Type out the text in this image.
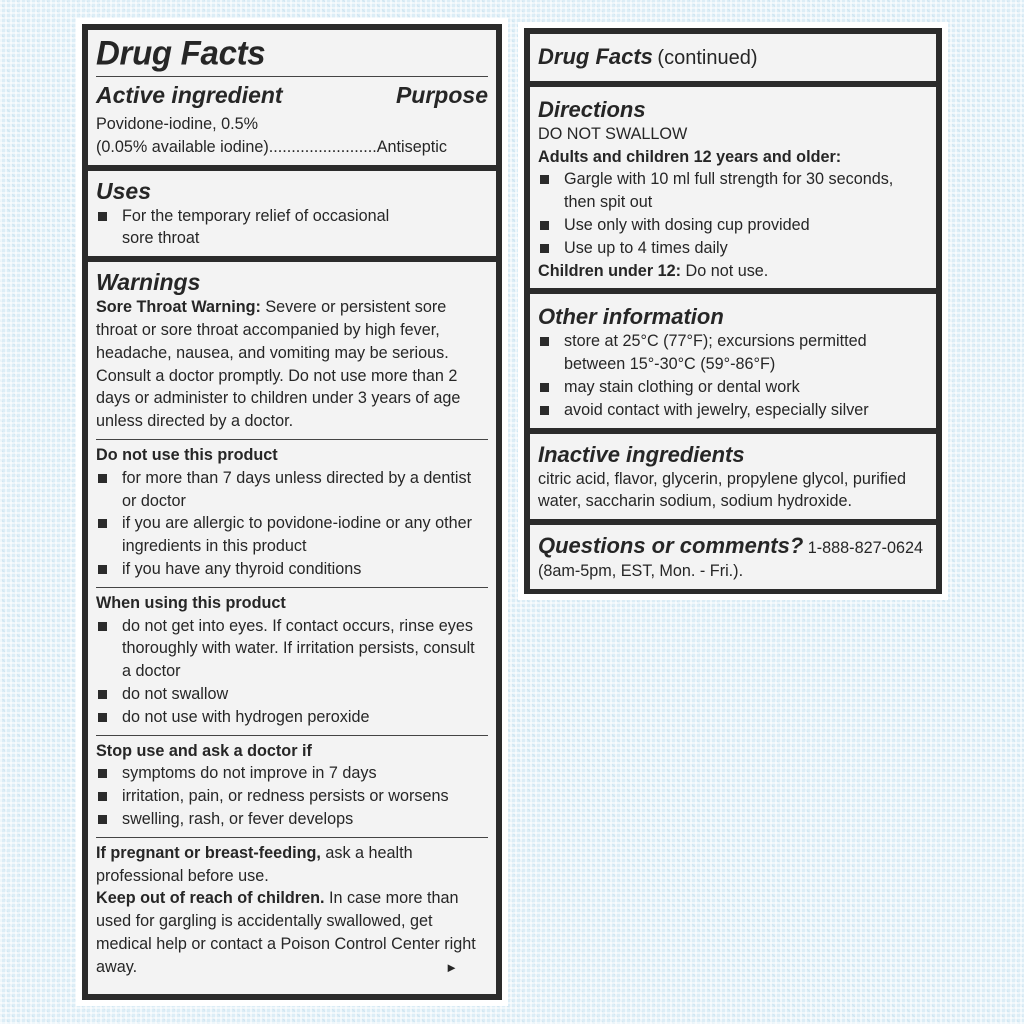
Drug Facts
Active ingredient	Purpose
Povidone-iodine, 0.5%
(0.05% available iodine)........................Antiseptic
Uses
For the temporary relief of occasional
sore throat
Warnings
Sore Throat Warning: Severe or persistent sore throat or sore throat accompanied by high fever, headache, nausea, and vomiting may be serious. Consult a doctor promptly. Do not use more than 2 days or administer to children under 3 years of age unless directed by a doctor.
Do not use this product
for more than 7 days unless directed by a dentist or doctor
if you are allergic to povidone-iodine or any other ingredients in this product
if you have any thyroid conditions
When using this product
do not get into eyes. If contact occurs, rinse eyes thoroughly with water. If irritation persists, consult a doctor
do not swallow
do not use with hydrogen peroxide
Stop use and ask a doctor if
symptoms do not improve in 7 days
irritation, pain, or redness persists or worsens
swelling, rash, or fever develops
If pregnant or breast-feeding, ask a health professional before use.
Keep out of reach of children. In case more than used for gargling is accidentally swallowed, get medical help or contact a Poison Control Center right away.	►
Drug Facts (continued)
Directions
DO NOT SWALLOW
Adults and children 12 years and older:
Gargle with 10 ml full strength for 30 seconds, then spit out
Use only with dosing cup provided
Use up to 4 times daily
Children under 12: Do not use.
Other information
store at 25°C (77°F); excursions permitted between 15°-30°C (59°-86°F)
may stain clothing or dental work
avoid contact with jewelry, especially silver
Inactive ingredients
citric acid, flavor, glycerin, propylene glycol, purified water, saccharin sodium, sodium hydroxide.
Questions or comments? 1-888-827-0624
(8am-5pm, EST, Mon. - Fri.).
